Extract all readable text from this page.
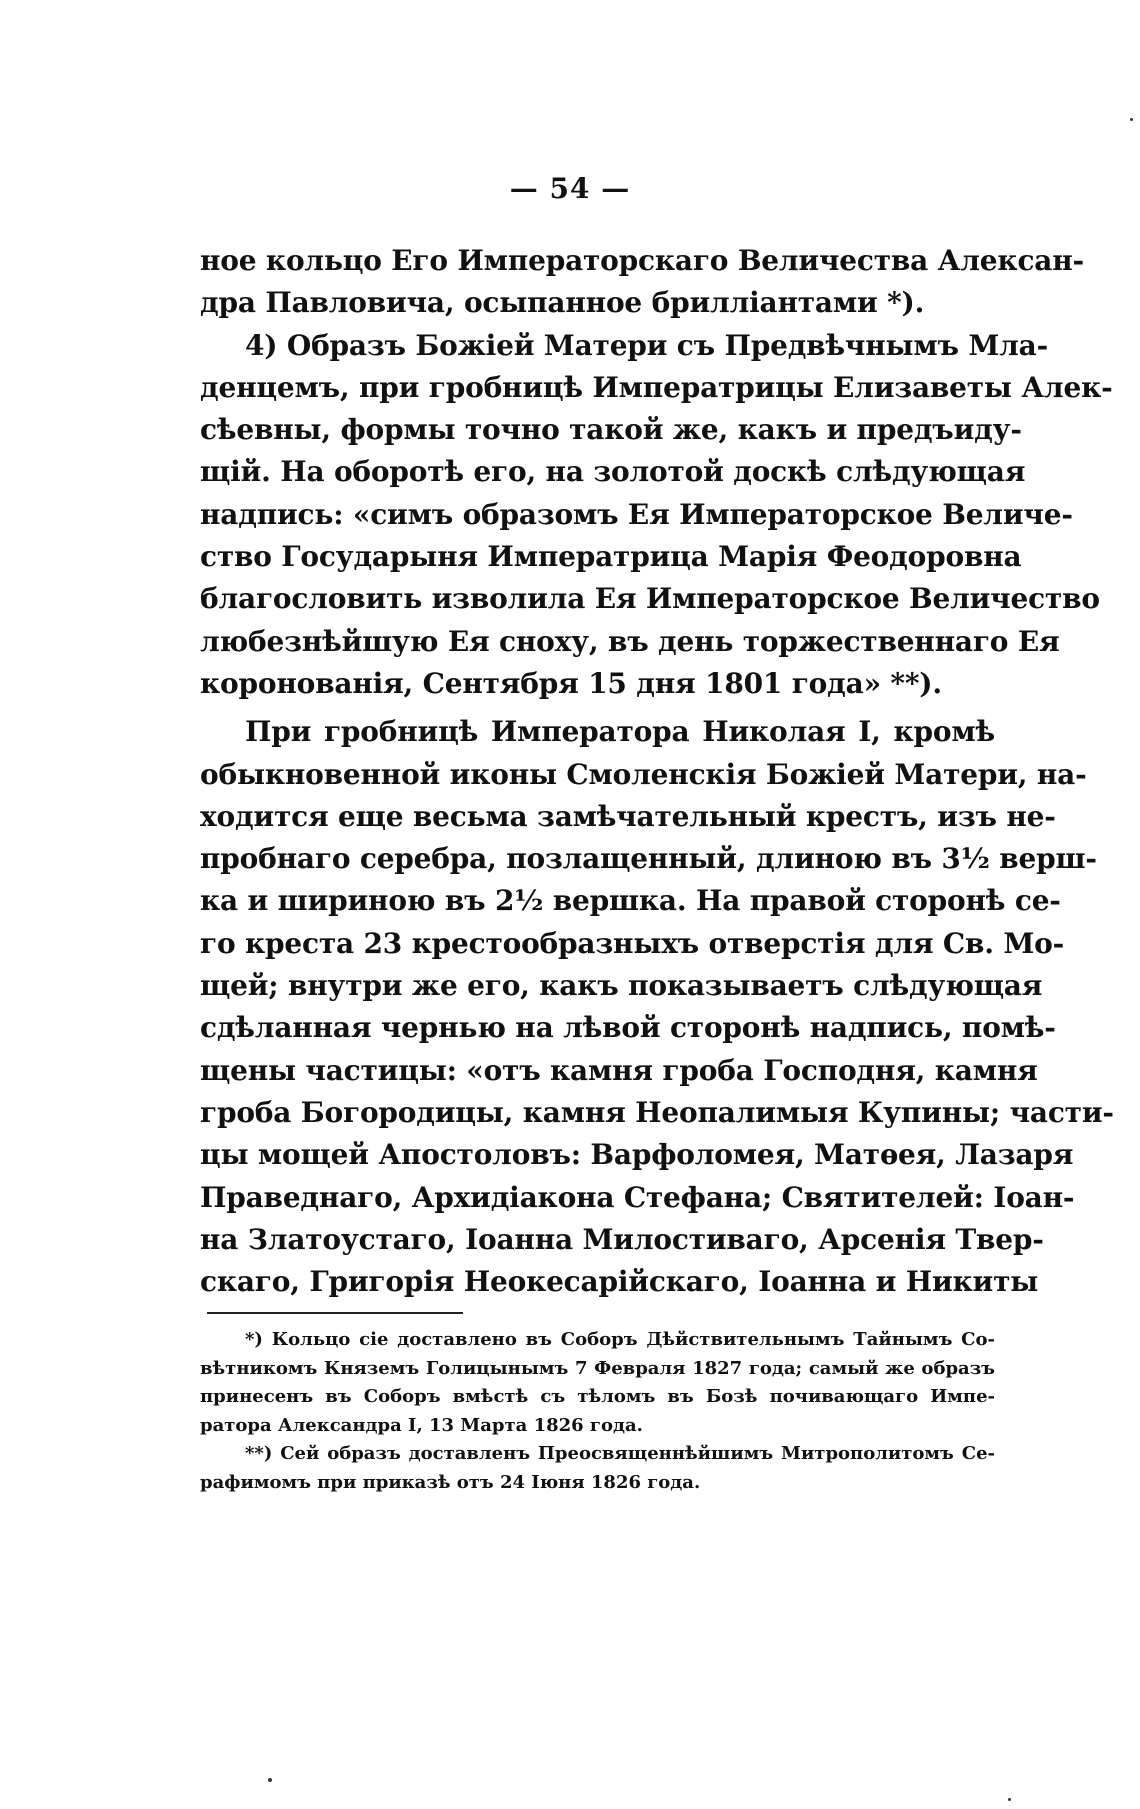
— 54 —
ное кольцо Его Императорскаго Величества Алексан-
дра Павловича, осыпанное бриллiантами *).
4) Образъ Божiей Матери съ Предвѣчнымъ Мла-
денцемъ, при гробницѣ Императрицы Елизаветы Алек-
сѣевны, формы точно такой же, какъ и предъиду-
щiй. На оборотѣ его, на золотой доскѣ слѣдующая
надпись: «симъ образомъ Ея Императорское Величе-
ство Государыня Императрица Марiя Феодоровна
благословить изволила Ея Императорское Величество
любезнѣйшую Ея сноху, въ день торжественнаго Ея
коронованiя, Сентября 15 дня 1801 года» **).
При гробницѣ Императора Николая I, кромѣ
обыкновенной иконы Смоленскiя Божiей Матери, на-
ходится еще весьма замѣчательный крестъ, изъ не-
пробнаго серебра, позлащенный, длиною въ 3½ верш-
ка и шириною въ 2½ вершка. На правой сторонѣ се-
го креста 23 крестообразныхъ отверстiя для Св. Мо-
щей; внутри же его, какъ показываетъ слѣдующая
сдѣланная чернью на лѣвой сторонѣ надпись, помѣ-
щены частицы: «отъ камня гроба Господня, камня
гроба Богородицы, камня Неопалимыя Купины; части-
цы мощей Апостоловъ: Варфоломея, Матѳея, Лазаря
Праведнаго, Архидiакона Стефана; Святителей: Iоан-
на Златоустаго, Iоанна Милостиваго, Арсенiя Твер-
скаго, Григорiя Неокесарiйскаго, Iоанна и Никиты
*) Кольцо сiе доставлено въ Соборъ Дѣйствительнымъ Тайнымъ Со-
вѣтникомъ Княземъ Голицынымъ 7 Февраля 1827 года; самый же образъ
принесенъ въ Соборъ вмѣстѣ съ тѣломъ въ Бозѣ почивающаго Импе-
ратора Александра I, 13 Марта 1826 года.
**) Сей образъ доставленъ Преосвященнѣйшимъ Митрополитомъ Се-
рафимомъ при приказѣ отъ 24 Iюня 1826 года.
